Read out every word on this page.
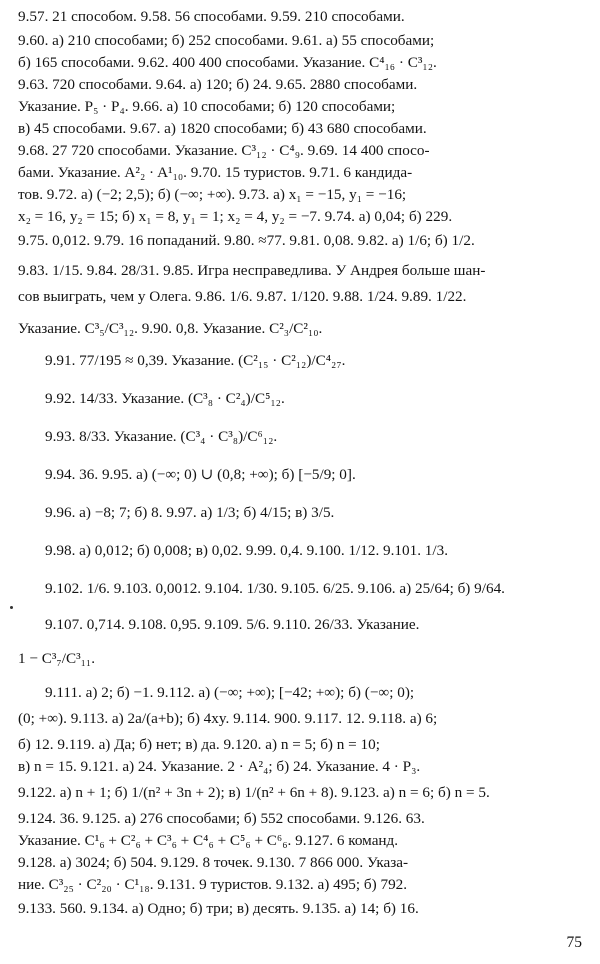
9.57. 21 способом. 9.58. 56 способами. 9.59. 210 способами.
9.60. а) 210 способами; б) 252 способами. 9.61. а) 55 способами;
б) 165 способами. 9.62. 400 400 способами. Указание. C⁴₁₆ · C³₁₂.
9.63. 720 способами. 9.64. а) 120; б) 24. 9.65. 2880 способами.
Указание. P₅ · P₄. 9.66. а) 10 способами; б) 120 способами;
в) 45 способами. 9.67. а) 1820 способами; б) 43 680 способами.
9.68. 27 720 способами. Указание. C³₁₂ · C⁴₉. 9.69. 14 400 спосо-
бами. Указание. A²₂ · A¹₁₀. 9.70. 15 туристов. 9.71. 6 кандида-
тов. 9.72. а) (−2; 2,5); б) (−∞; +∞). 9.73. а) x₁ = −15, y₁ = −16;
x₂ = 16, y₂ = 15; б) x₁ = 8, y₁ = 1; x₂ = 4, y₂ = −7. 9.74. а) 0,04; б) 229.
9.75. 0,012. 9.79. 16 попаданий. 9.80. ≈77. 9.81. 0,08. 9.82. а) 1/6; б) 1/2.
9.83. 1/15. 9.84. 28/31. 9.85. Игра несправедлива. У Андрея больше шан-
сов выиграть, чем у Олега. 9.86. 1/6. 9.87. 1/120. 9.88. 1/24. 9.89. 1/22.
Указание. C³₅/C³₁₂. 9.90. 0,8. Указание. C²₃/C²₁₀.
9.91. 77/195 ≈ 0,39. Указание. (C²₁₅ · C²₁₂)/C⁴₂₇.
9.92. 14/33. Указание. (C³₈ · C²₄)/C⁵₁₂.
9.93. 8/33. Указание. (C³₄ · C³₈)/C⁶₁₂.
9.94. 36. 9.95. а) (−∞; 0) ∪ (0,8; +∞); б) [−5/9; 0].
9.96. а) −8; 7; б) 8. 9.97. а) 1/3; б) 4/15; в) 3/5.
9.98. а) 0,012; б) 0,008; в) 0,02. 9.99. 0,4. 9.100. 1/12. 9.101. 1/3.
9.102. 1/6. 9.103. 0,0012. 9.104. 1/30. 9.105. 6/25. 9.106. а) 25/64; б) 9/64.
9.107. 0,714. 9.108. 0,95. 9.109. 5/6. 9.110. 26/33. Указание.
1 − C³₇/C³₁₁.
9.111. а) 2; б) −1. 9.112. а) (−∞; +∞); [−42; +∞); б) (−∞; 0);
(0; +∞). 9.113. а) 2a/(a+b); б) 4xy. 9.114. 900. 9.117. 12. 9.118. а) 6;
б) 12. 9.119. а) Да; б) нет; в) да. 9.120. а) n = 5; б) n = 10;
в) n = 15. 9.121. а) 24. Указание. 2 · A²₄; б) 24. Указание. 4 · P₃.
9.122. а) n + 1; б) 1/(n² + 3n + 2); в) 1/(n² + 6n + 8). 9.123. а) n = 6; б) n = 5.
9.124. 36. 9.125. а) 276 способами; б) 552 способами. 9.126. 63.
Указание. C¹₆ + C²₆ + C³₆ + C⁴₆ + C⁵₆ + C⁶₆. 9.127. 6 команд.
9.128. а) 3024; б) 504. 9.129. 8 точек. 9.130. 7 866 000. Указа-
ние. C³₂₅ · C²₂₀ · C¹₁₈. 9.131. 9 туристов. 9.132. а) 495; б) 792.
9.133. 560. 9.134. а) Одно; б) три; в) десять. 9.135. а) 14; б) 16.
75
